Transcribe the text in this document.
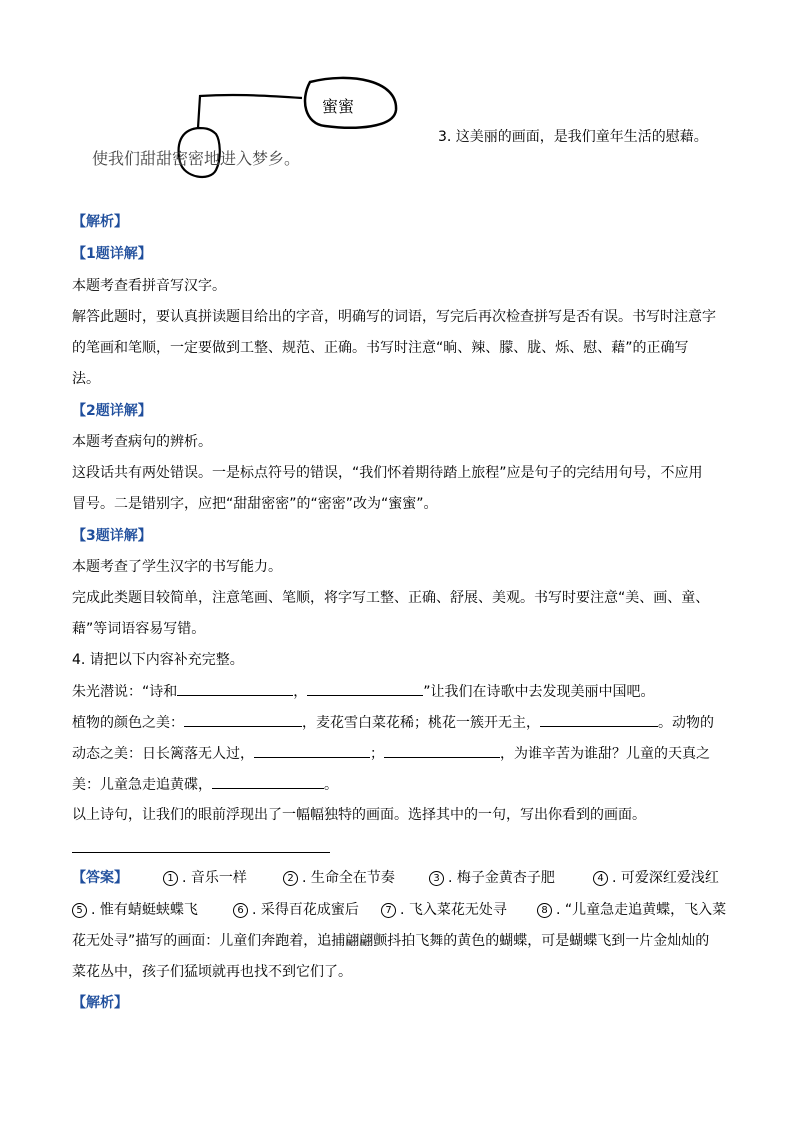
蜜蜜
使我们甜甜密密地进入梦乡。
3. 这美丽的画面，是我们童年生活的慰藉。
【解析】
【1题详解】
本题考查看拼音写汉字。
解答此题时，要认真拼读题目给出的字音，明确写的词语，写完后再次检查拼写是否有误。书写时注意字
的笔画和笔顺，一定要做到工整、规范、正确。书写时注意“晌、辣、朦、胧、烁、慰、藉”的正确写
法。
【2题详解】
本题考查病句的辨析。
这段话共有两处错误。一是标点符号的错误，“我们怀着期待踏上旅程”应是句子的完结用句号，不应用
冒号。二是错别字，应把“甜甜密密”的“密密”改为“蜜蜜”。
【3题详解】
本题考查了学生汉字的书写能力。
完成此类题目较简单，注意笔画、笔顺，将字写工整、正确、舒展、美观。书写时要注意“美、画、童、
藉”等词语容易写错。
4. 请把以下内容补充完整。
朱光潜说：“诗和	，	”让我们在诗歌中去发现美丽中国吧。
植物的颜色之美：	，麦花雪白菜花稀；桃花一簇开无主，	。动物的
动态之美：日长篱落无人过，	；	，为谁辛苦为谁甜？儿童的天真之
美：儿童急走追黄碟，	。
以上诗句，让我们的眼前浮现出了一幅幅独特的画面。选择其中的一句，写出你看到的画面。
【答案】	1 . 音乐一样	2 . 生命全在节奏	3 . 梅子金黄杏子肥	4 . 可爱深红爱浅红
5 . 惟有蜻蜓蛱蝶飞	6 . 采得百花成蜜后	7 . 飞入菜花无处寻	8 . “儿童急走追黄蝶，飞入菜
花无处寻”描写的画面：儿童们奔跑着，追捕翩翩颤抖拍飞舞的黄色的蝴蝶，可是蝴蝶飞到一片金灿灿的
菜花丛中，孩子们猛顷就再也找不到它们了。
【解析】
